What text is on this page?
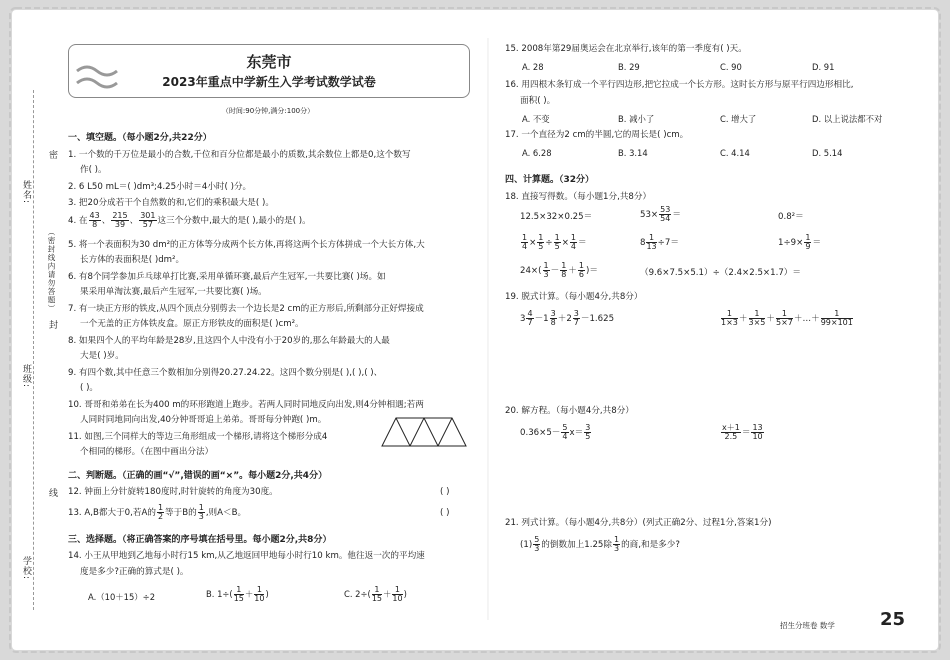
姓名:
班级:
学校:
密
封
线
（密封线内请勿答题）
东莞市
2023年重点中学新生入学考试数学试卷
（时间:90分钟,满分:100分）
一、填空题。（每小题2分,共22分）
1. 一个数的千万位是最小的合数,千位和百分位都是最小的质数,其余数位上都是0,这个数写
作( )。
2. 6 L50 mL＝( )dm³;4.25小时＝4小时( )分。
3. 把20分成若干个自然数的和,它们的乘积最大是( )。
4. 在 $\frac{43}{8}$ 、 $\frac{215}{39}$ 、 $\frac{301}{57}$ 这三个分数中,最大的是( ),最小的是( )。
5. 将一个表面积为30 dm²的正方体等分成两个长方体,再将这两个长方体拼成一个大长方体,大
长方体的表面积是( )dm²。
6. 有8个同学参加乒乓球单打比赛,采用单循环赛,最后产生冠军,一共要比赛( )场。如
果采用单淘汰赛,最后产生冠军,一共要比赛( )场。
7. 有一块正方形的铁皮,从四个顶点分别剪去一个边长是2 cm的正方形后,所剩部分正好焊接成
一个无盖的正方体铁皮盒。原正方形铁皮的面积是( )cm²。
8. 如果四个人的平均年龄是28岁,且这四个人中没有小于20岁的,那么年龄最大的人最
大是( )岁。
9. 有四个数,其中任意三个数相加分别得20.27.24.22。这四个数分别是( ),( ),( )、
( )。
10. 哥哥和弟弟在长为400 m的环形跑道上跑步。若两人同时同地反向出发,则4分钟相遇;若两
人同时同地同向出发,40分钟哥哥追上弟弟。哥哥每分钟跑( )m。
11. 如图,三个同样大的等边三角形组成一个梯形,请将这个梯形分成4
个相同的梯形。（在图中画出分法）
二、判断题。（正确的画“√”,错误的画“×”。每小题2分,共4分）
12. 钟面上分针旋转180度时,时针旋转的角度为30度。	( )
13. A,B都大于0,若A的 $\frac{1}{2}$ 等于B的 $\frac{1}{3}$ ,则A＜B。	( )
三、选择题。（将正确答案的序号填在括号里。每小题2分,共8分）
14. 小王从甲地到乙地每小时行15 km,从乙地返回甲地每小时行10 km。他往返一次的平均速
度是多少?正确的算式是( )。
A.（10＋15）÷2	B. $1\div( \frac{1}{15} + \frac{1}{10}$ )	C. $2\div( \frac{1}{15} + \frac{1}{10}$ )
15. 2008年第29届奥运会在北京举行,该年的第一季度有( )天。
A. 28	B. 29	C. 90	D. 91
16. 用四根木条钉成一个平行四边形,把它拉成一个长方形。这时长方形与原平行四边形相比,
面积( )。
A. 不变	B. 减小了	C. 增大了	D. 以上说法都不对
17. 一个直径为2 cm的半圆,它的周长是( )cm。
A. 6.28	B. 3.14	C. 4.14	D. 5.14
四、计算题。（32分）
18. 直接写得数。（每小题1分,共8分）
12.5×32×0.25＝	$53\times \frac{53}{54}$ ＝	0.8²＝
$\frac{1}{4} \times \frac{1}{5} \div \frac{1}{5} \times \frac{1}{4}$ ＝	$8 \frac{1}{13} \div 7=$	$1\div 9\times \frac{1}{9}$ ＝
$24\times( \frac{1}{3} - \frac{1}{8} + \frac{1}{6}$ )＝	（9.6×7.5×5.1）÷（2.4×2.5×1.7）＝
19. 脱式计算。（每小题4分,共8分）
$3 \frac{4}{7} -1 \frac{3}{8} +2 \frac{3}{7} -1.625$	$\frac{1}{1\times 3} + \frac{1}{3\times 5} + \frac{1}{5\times 7}$ ＋…＋ $\frac{1}{99\times 101}$
20. 解方程。（每小题4分,共8分）
$0.36\times 5- \frac{5}{4} x= \frac{3}{5}$	$\frac{x+1}{2.5} = \frac{13}{10}$
21. 列式计算。（每小题4分,共8分）(列式正确2分、过程1分,答案1分)
$(1) \frac{5}{3}$ 的倒数加上1.25除 $\frac{1}{3}$ 的商,和是多少?
招生分班卷 数学	25
